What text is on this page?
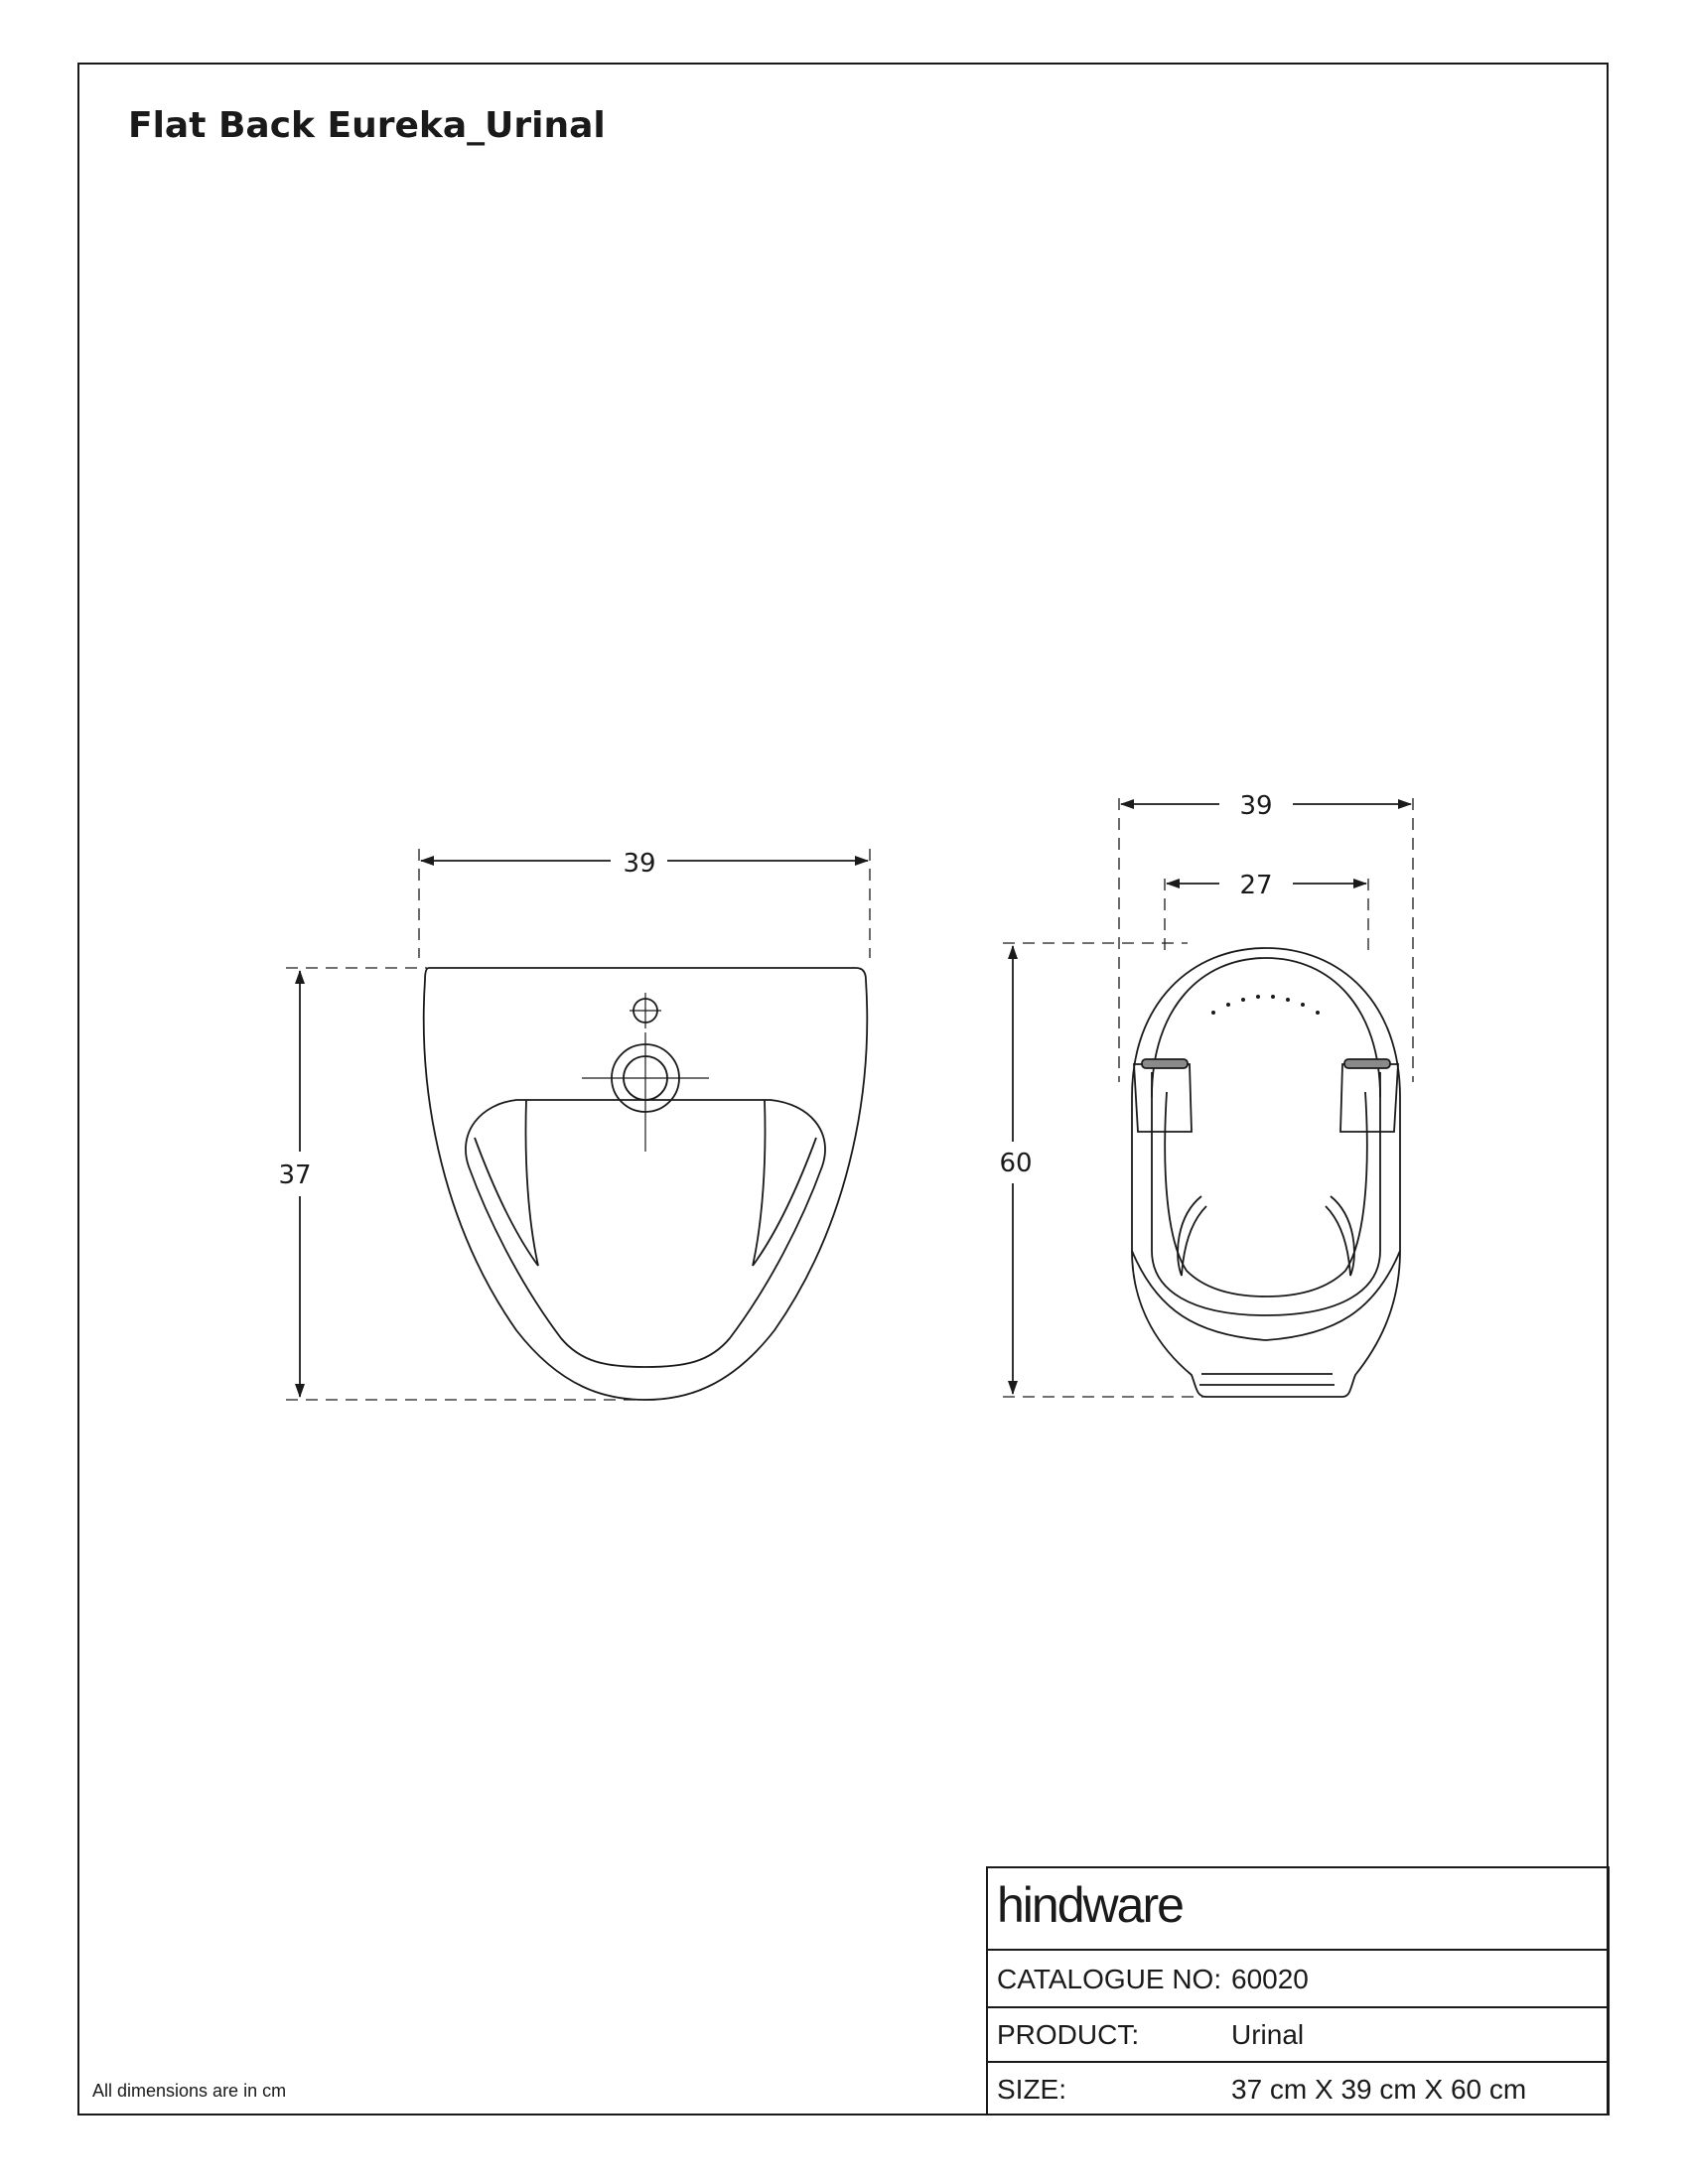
39
37
39
27
60
Flat Back Eureka_Urinal
All dimensions are in cm
hindware
CATALOGUE NO: 60020
PRODUCT:	Urinal
SIZE:	37 cm X 39 cm X 60 cm
